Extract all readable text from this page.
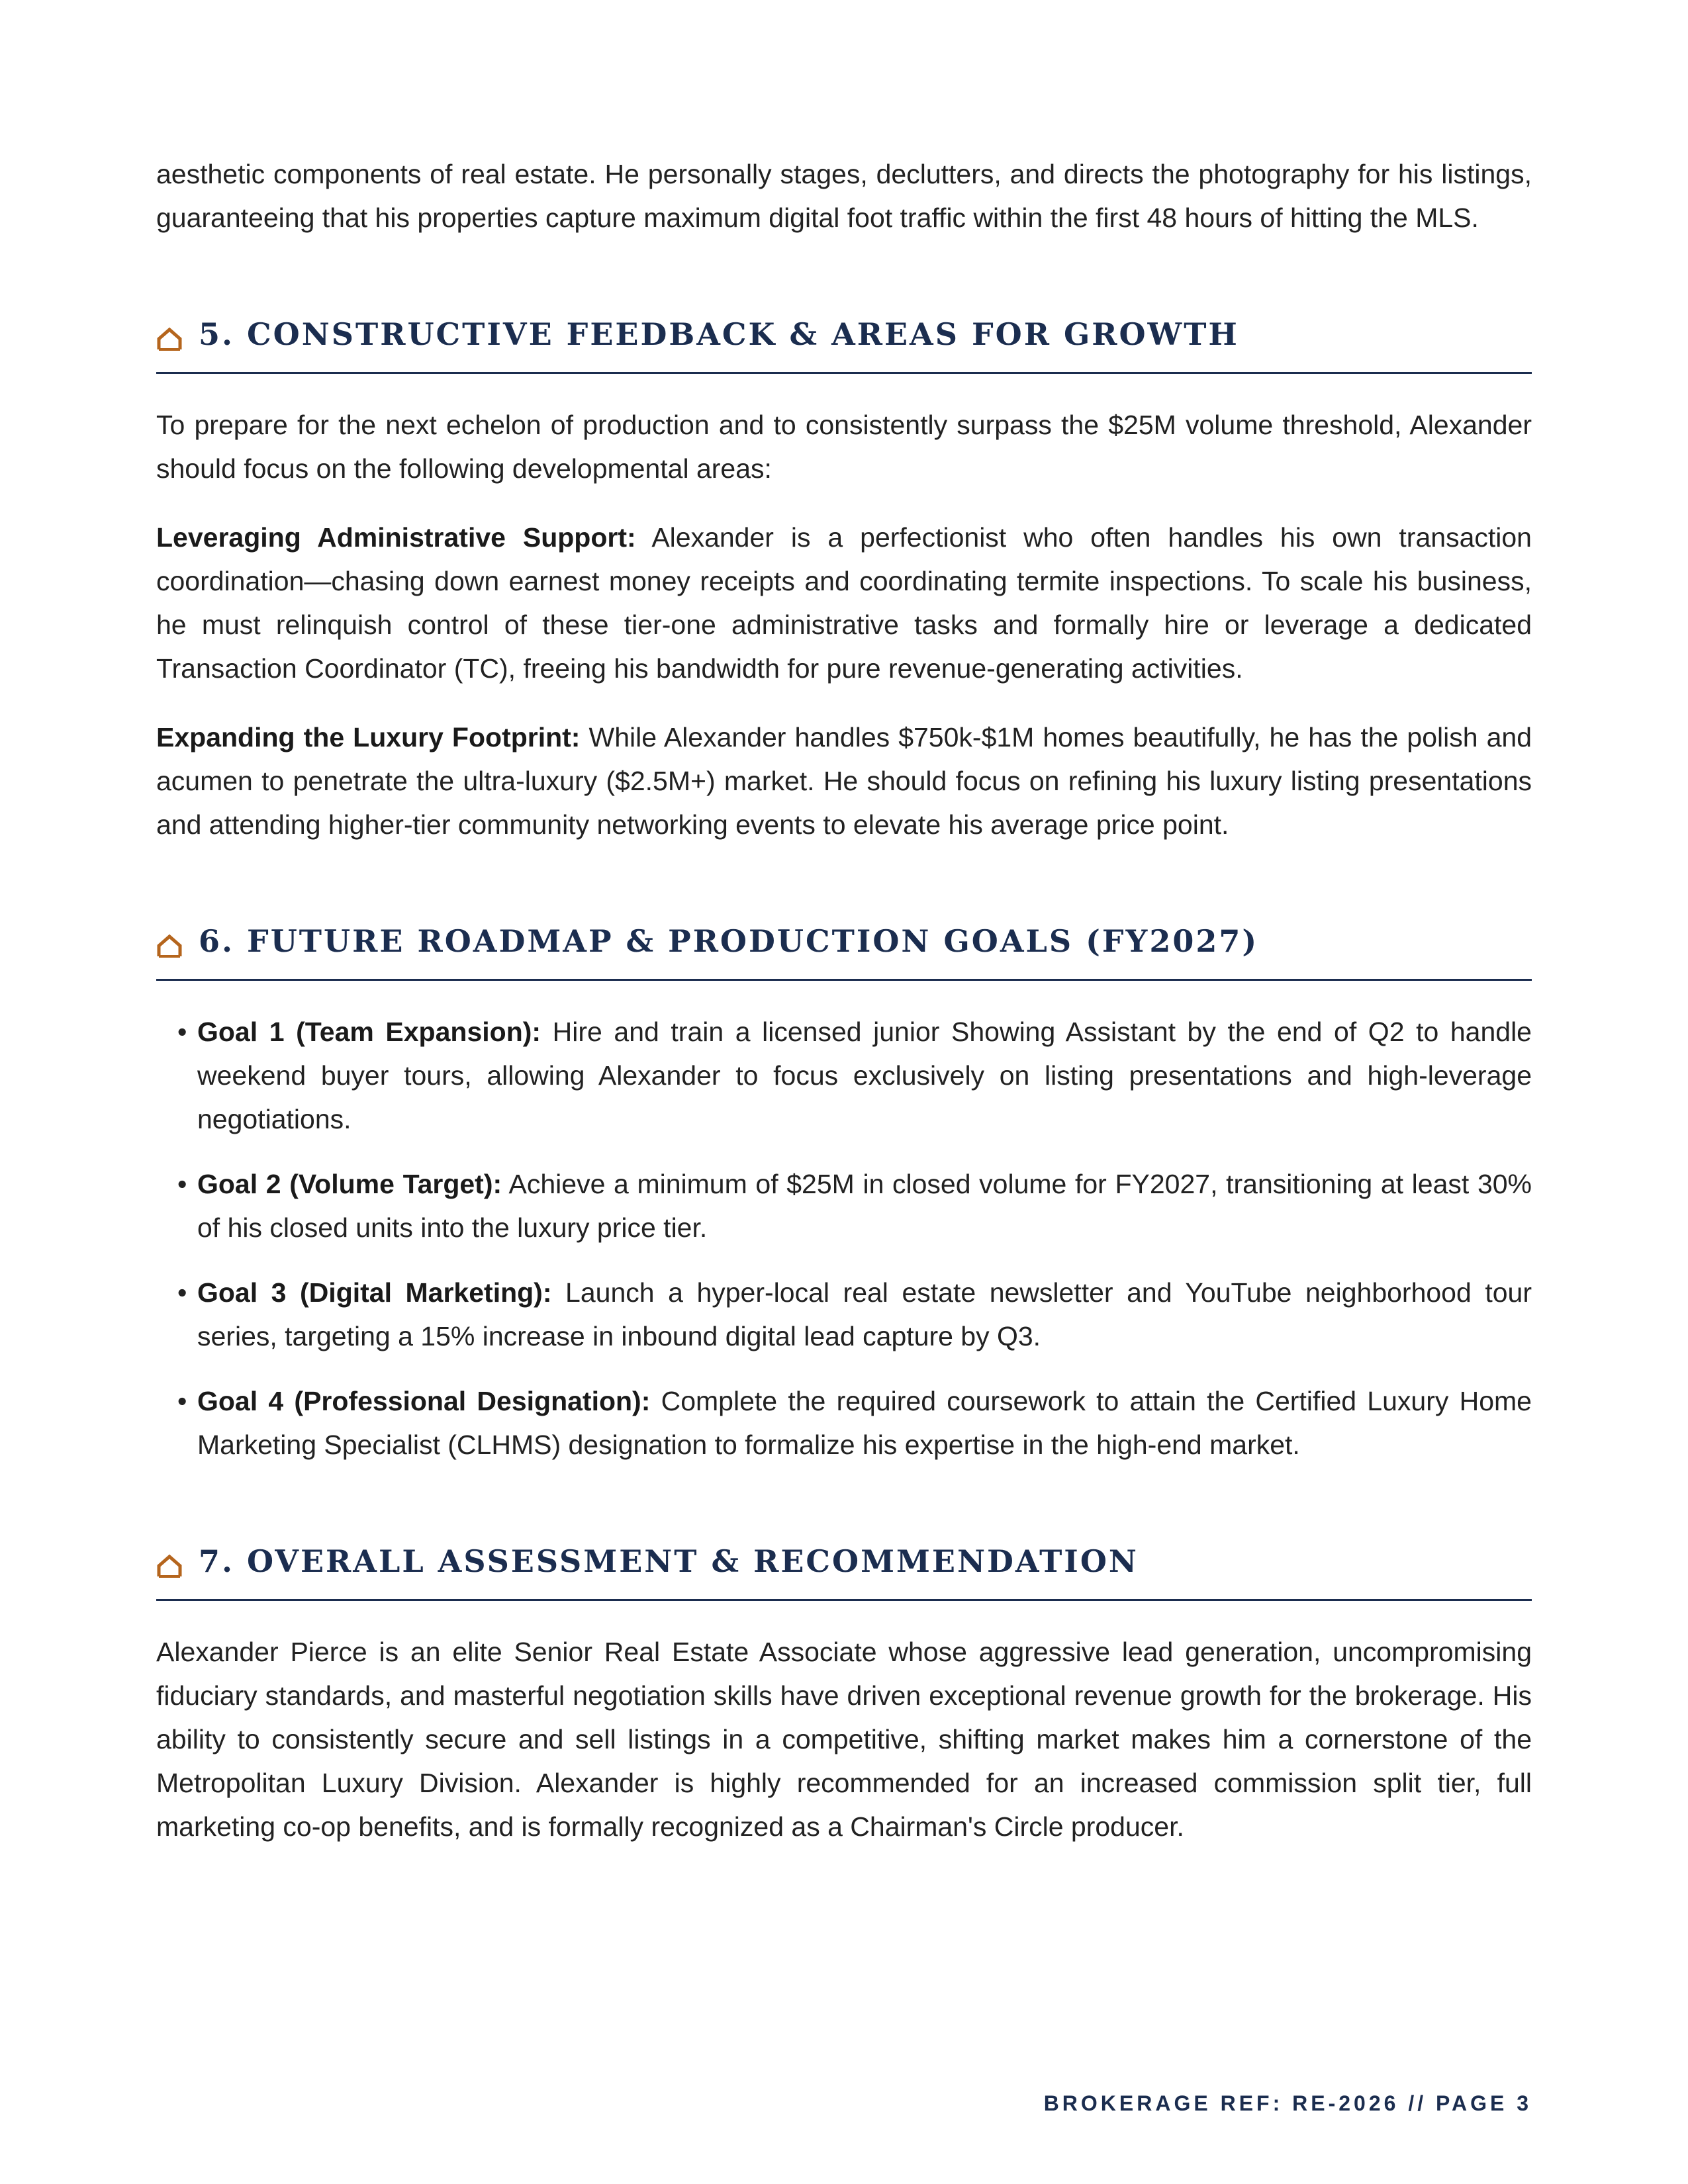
aesthetic components of real estate. He personally stages, declutters, and directs the photography for his listings, guaranteeing that his properties capture maximum digital foot traffic within the first 48 hours of hitting the MLS.

5. CONSTRUCTIVE FEEDBACK & AREAS FOR GROWTH

To prepare for the next echelon of production and to consistently surpass the $25M volume threshold, Alexander should focus on the following developmental areas:

Leveraging Administrative Support: Alexander is a perfectionist who often handles his own transaction coordination—chasing down earnest money receipts and coordinating termite inspections. To scale his business, he must relinquish control of these tier-one administrative tasks and formally hire or leverage a dedicated Transaction Coordinator (TC), freeing his bandwidth for pure revenue-generating activities.

Expanding the Luxury Footprint: While Alexander handles $750k-$1M homes beautifully, he has the polish and acumen to penetrate the ultra-luxury ($2.5M+) market. He should focus on refining his luxury listing presentations and attending higher-tier community networking events to elevate his average price point.

6. FUTURE ROADMAP & PRODUCTION GOALS (FY2027)
• Goal 1 (Team Expansion): Hire and train a licensed junior Showing Assistant by the end of Q2 to handle weekend buyer tours, allowing Alexander to focus exclusively on listing presentations and high-leverage negotiations.
• Goal 2 (Volume Target): Achieve a minimum of $25M in closed volume for FY2027, transitioning at least 30% of his closed units into the luxury price tier.
• Goal 3 (Digital Marketing): Launch a hyper-local real estate newsletter and YouTube neighborhood tour series, targeting a 15% increase in inbound digital lead capture by Q3.
• Goal 4 (Professional Designation): Complete the required coursework to attain the Certified Luxury Home Marketing Specialist (CLHMS) designation to formalize his expertise in the high-end market.
7. OVERALL ASSESSMENT & RECOMMENDATION

Alexander Pierce is an elite Senior Real Estate Associate whose aggressive lead generation, uncompromising fiduciary standards, and masterful negotiation skills have driven exceptional revenue growth for the brokerage. His ability to consistently secure and sell listings in a competitive, shifting market makes him a cornerstone of the Metropolitan Luxury Division. Alexander is highly recommended for an increased commission split tier, full marketing co-op benefits, and is formally recognized as a Chairman's Circle producer.

BROKERAGE REF: RE-2026 // PAGE 3
